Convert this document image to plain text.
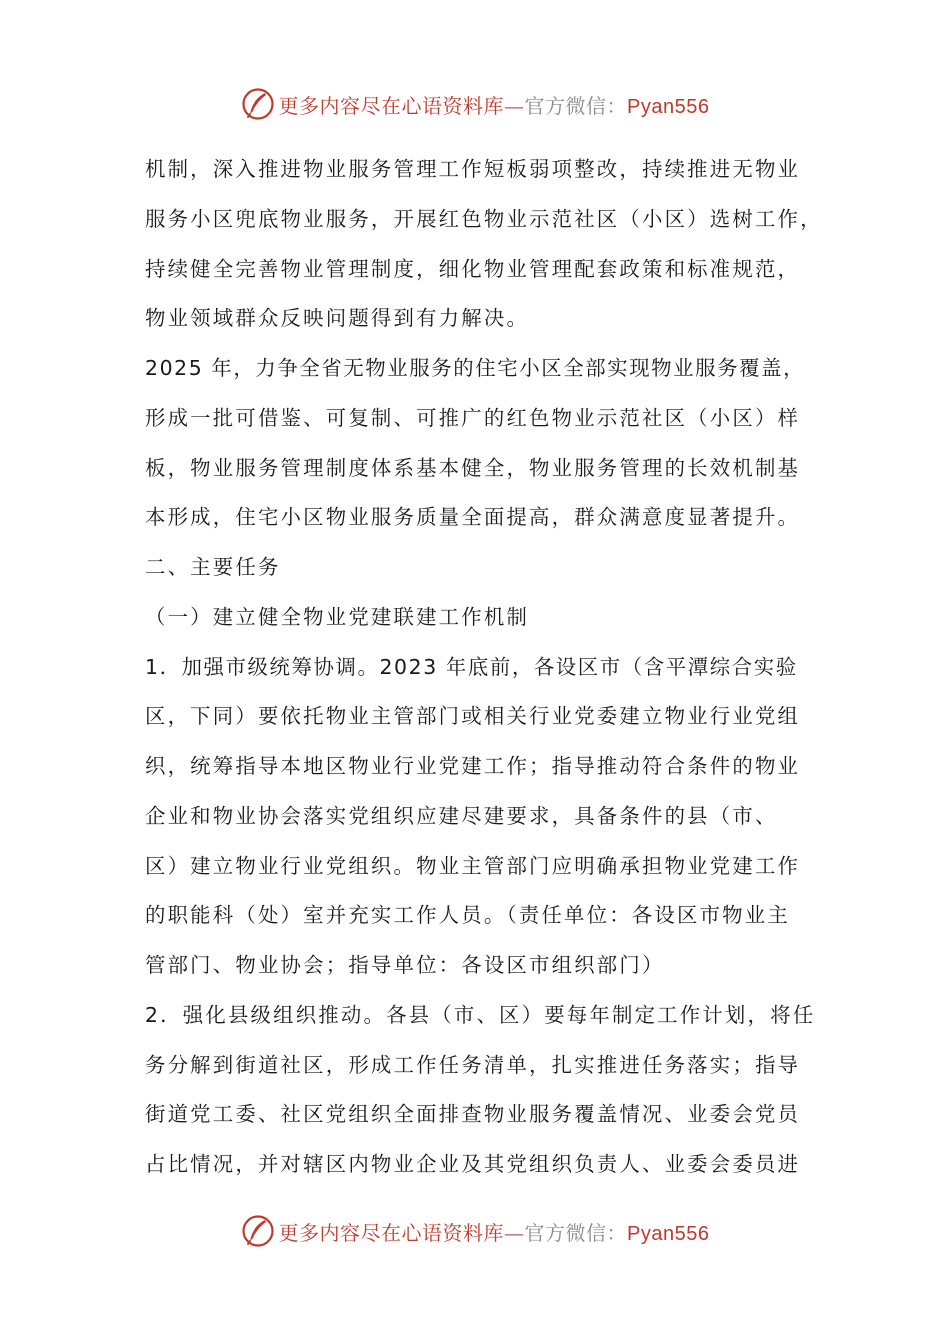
更多内容尽在心语资料库—官方微信：Pyan556
机制，深入推进物业服务管理工作短板弱项整改，持续推进无物业
服务小区兜底物业服务，开展红色物业示范社区（小区）选树工作，
持续健全完善物业管理制度，细化物业管理配套政策和标准规范，
物业领域群众反映问题得到有力解决。
2025 年，力争全省无物业服务的住宅小区全部实现物业服务覆盖，
形成一批可借鉴、可复制、可推广的红色物业示范社区（小区）样
板，物业服务管理制度体系基本健全，物业服务管理的长效机制基
本形成，住宅小区物业服务质量全面提高，群众满意度显著提升。
二、主要任务
（一）建立健全物业党建联建工作机制
1．加强市级统筹协调。2023 年底前，各设区市（含平潭综合实验
区，下同）要依托物业主管部门或相关行业党委建立物业行业党组
织，统筹指导本地区物业行业党建工作；指导推动符合条件的物业
企业和物业协会落实党组织应建尽建要求，具备条件的县（市、
区）建立物业行业党组织。物业主管部门应明确承担物业党建工作
的职能科（处）室并充实工作人员。（责任单位：各设区市物业主
管部门、物业协会；指导单位：各设区市组织部门）
2．强化县级组织推动。各县（市、区）要每年制定工作计划，将任
务分解到街道社区，形成工作任务清单，扎实推进任务落实；指导
街道党工委、社区党组织全面排查物业服务覆盖情况、业委会党员
占比情况，并对辖区内物业企业及其党组织负责人、业委会委员进
更多内容尽在心语资料库—官方微信：Pyan556
